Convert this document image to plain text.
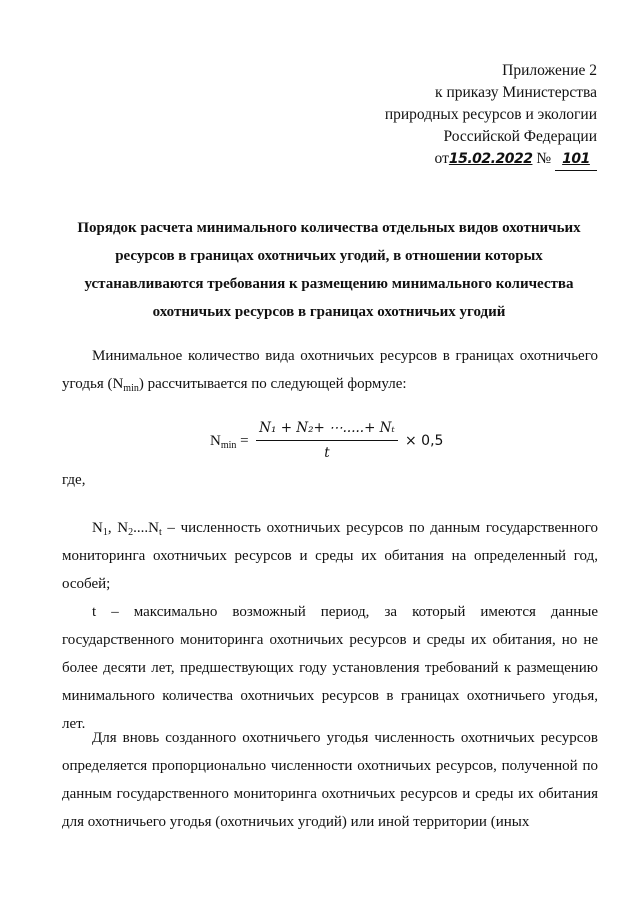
Приложение 2
к приказу Министерства
природных ресурсов и экологии
Российской Федерации
от15.02.2022 № 101
Порядок расчета минимального количества отдельных видов охотничьих ресурсов в границах охотничьих угодий, в отношении которых устанавливаются требования к размещению минимального количества охотничьих ресурсов в границах охотничьих угодий
Минимальное количество вида охотничьих ресурсов в границах охотничьего угодья $(N_{min})$ рассчитывается по следующей формуле:
$N_{min}$ =
N₁ + N₂+ ⋯.....+ Nₜ
t
× 0,5
где,
$N_1$, $N_2....N_t$ – численность охотничьих ресурсов по данным государственного мониторинга охотничьих ресурсов и среды их обитания на определенный год, особей;
t – максимально возможный период, за который имеются данные государственного мониторинга охотничьих ресурсов и среды их обитания, но не более десяти лет, предшествующих году установления требований к размещению минимального количества охотничьих ресурсов в границах охотничьего угодья, лет.
Для вновь созданного охотничьего угодья численность охотничьих ресурсов определяется пропорционально численности охотничьих ресурсов, полученной по данным государственного мониторинга охотничьих ресурсов и среды их обитания для охотничьего угодья (охотничьих угодий) или иной территории (иных
